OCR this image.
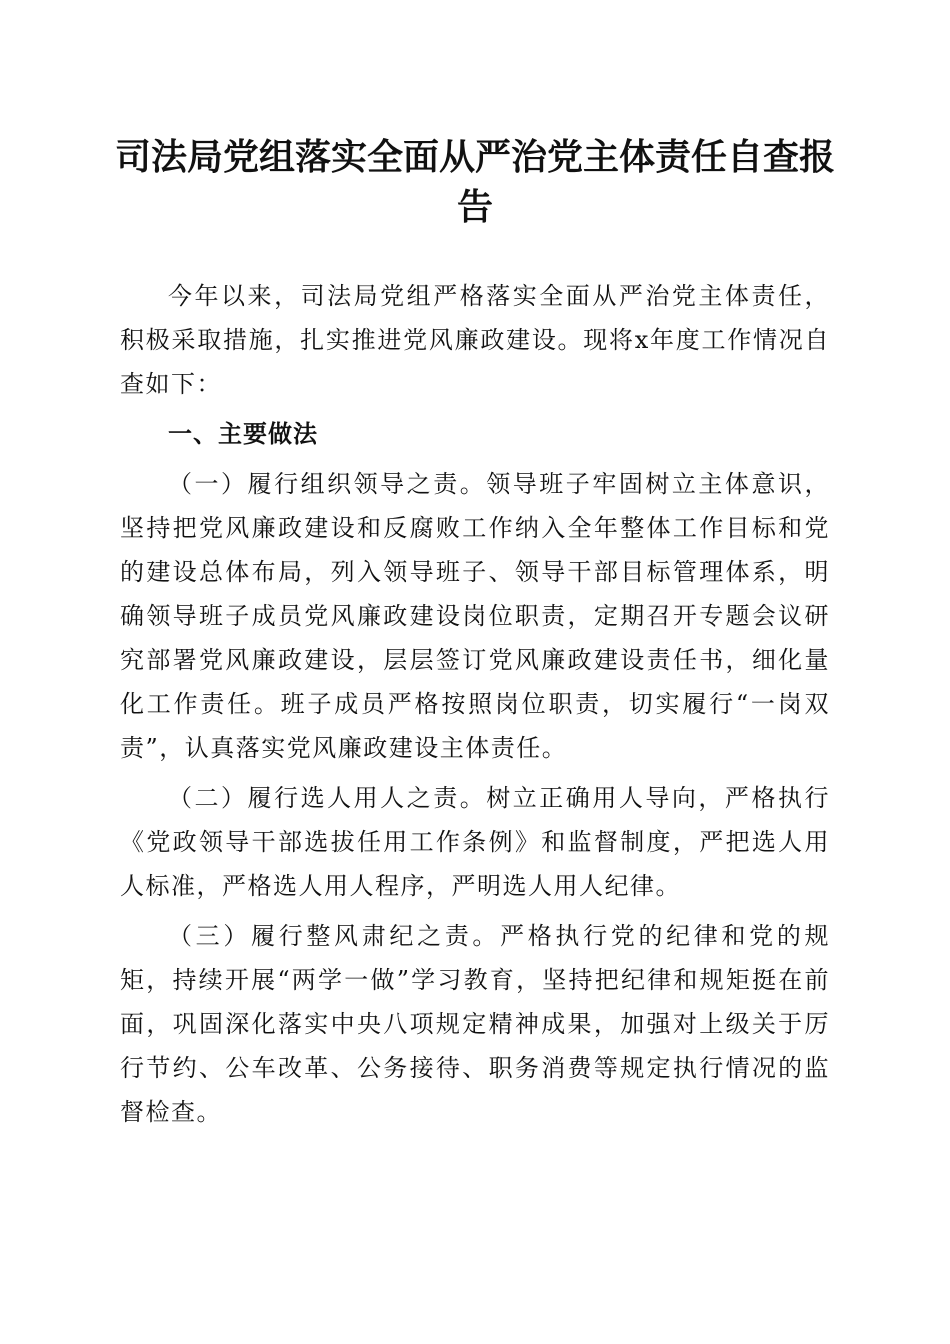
司法局党组落实全面从严治党主体责任自查报告

今年以来，司法局党组严格落实全面从严治党主体责任，积极采取措施，扎实推进党风廉政建设。现将x年度工作情况自查如下：

一、主要做法

（一）履行组织领导之责。领导班子牢固树立主体意识，坚持把党风廉政建设和反腐败工作纳入全年整体工作目标和党的建设总体布局，列入领导班子、领导干部目标管理体系，明确领导班子成员党风廉政建设岗位职责，定期召开专题会议研究部署党风廉政建设，层层签订党风廉政建设责任书，细化量化工作责任。班子成员严格按照岗位职责，切实履行“一岗双责”，认真落实党风廉政建设主体责任。

（二）履行选人用人之责。树立正确用人导向，严格执行《党政领导干部选拔任用工作条例》和监督制度，严把选人用人标准，严格选人用人程序，严明选人用人纪律。

（三）履行整风肃纪之责。严格执行党的纪律和党的规矩，持续开展“两学一做”学习教育，坚持把纪律和规矩挺在前面，巩固深化落实中央八项规定精神成果，加强对上级关于厉行节约、公车改革、公务接待、职务消费等规定执行情况的监督检查。
